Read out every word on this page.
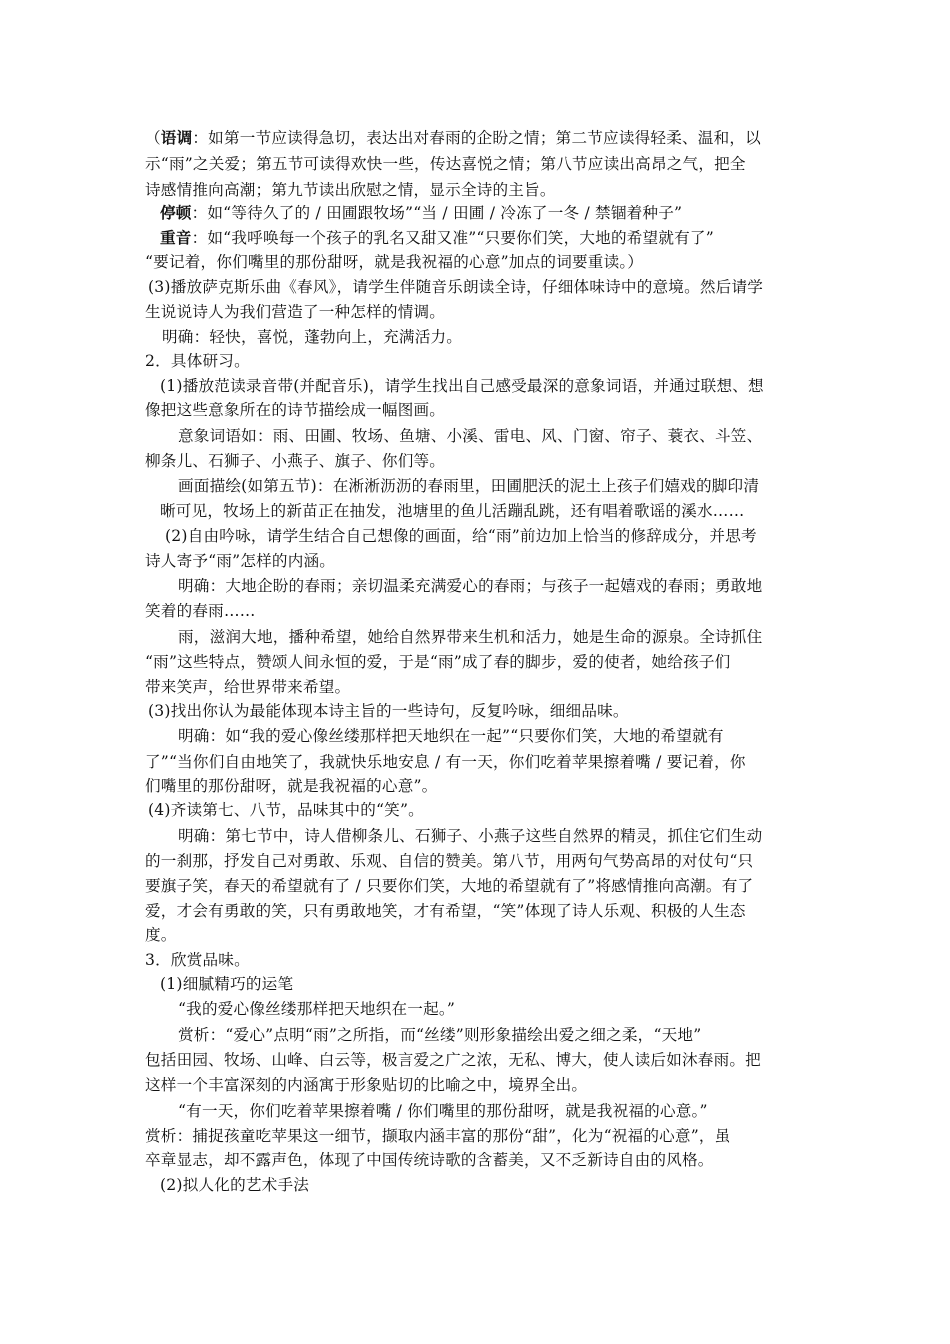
（语调：如第一节应读得急切，表达出对春雨的企盼之情；第二节应读得轻柔、温和，以
示“雨”之关爱；第五节可读得欢快一些，传达喜悦之情；第八节应读出高昂之气，把全
诗感情推向高潮；第九节读出欣慰之情，显示全诗的主旨。
停顿：如“等待久了的 / 田圃跟牧场”“当 / 田圃 / 冷冻了一冬 / 禁锢着种子”
重音：如“我呼唤每一个孩子的乳名又甜又准”“只要你们笑，大地的希望就有了”
“要记着，你们嘴里的那份甜呀，就是我祝福的心意”加点的词要重读。）
(3)播放萨克斯乐曲《春风》，请学生伴随音乐朗读全诗，仔细体味诗中的意境。然后请学
生说说诗人为我们营造了一种怎样的情调。
明确：轻快，喜悦，蓬勃向上，充满活力。
2．具体研习。
(1)播放范读录音带(并配音乐)，请学生找出自己感受最深的意象词语，并通过联想、想
像把这些意象所在的诗节描绘成一幅图画。
意象词语如：雨、田圃、牧场、鱼塘、小溪、雷电、风、门窗、帘子、蓑衣、斗笠、
柳条儿、石狮子、小燕子、旗子、你们等。
画面描绘(如第五节)：在淅淅沥沥的春雨里，田圃肥沃的泥土上孩子们嬉戏的脚印清
晰可见，牧场上的新苗正在抽发，池塘里的鱼儿活蹦乱跳，还有唱着歌谣的溪水……
(2)自由吟咏，请学生结合自己想像的画面，给“雨”前边加上恰当的修辞成分，并思考
诗人寄予“雨”怎样的内涵。
明确：大地企盼的春雨；亲切温柔充满爱心的春雨；与孩子一起嬉戏的春雨；勇敢地
笑着的春雨……
雨，滋润大地，播种希望，她给自然界带来生机和活力，她是生命的源泉。全诗抓住
“雨”这些特点，赞颂人间永恒的爱，于是“雨”成了春的脚步，爱的使者，她给孩子们
带来笑声，给世界带来希望。
(3)找出你认为最能体现本诗主旨的一些诗句，反复吟咏，细细品味。
明确：如“我的爱心像丝缕那样把天地织在一起”“只要你们笑，大地的希望就有
了”“当你们自由地笑了，我就快乐地安息 / 有一天，你们吃着苹果擦着嘴 / 要记着，你
们嘴里的那份甜呀，就是我祝福的心意”。
(4)齐读第七、八节，品味其中的“笑”。
明确：第七节中，诗人借柳条儿、石狮子、小燕子这些自然界的精灵，抓住它们生动
的一刹那，抒发自己对勇敢、乐观、自信的赞美。第八节，用两句气势高昂的对仗句“只
要旗子笑，春天的希望就有了 / 只要你们笑，大地的希望就有了”将感情推向高潮。有了
爱，才会有勇敢的笑，只有勇敢地笑，才有希望，“笑”体现了诗人乐观、积极的人生态
度。
3．欣赏品味。
(1)细腻精巧的运笔
“我的爱心像丝缕那样把天地织在一起。”
赏析：“爱心”点明“雨”之所指，而“丝缕”则形象描绘出爱之细之柔，“天地”
包括田园、牧场、山峰、白云等，极言爱之广之浓，无私、博大，使人读后如沐春雨。把
这样一个丰富深刻的内涵寓于形象贴切的比喻之中，境界全出。
“有一天，你们吃着苹果擦着嘴 / 你们嘴里的那份甜呀，就是我祝福的心意。”
赏析：捕捉孩童吃苹果这一细节，撷取内涵丰富的那份“甜”，化为“祝福的心意”，虽
卒章显志，却不露声色，体现了中国传统诗歌的含蓄美，又不乏新诗自由的风格。
(2)拟人化的艺术手法
